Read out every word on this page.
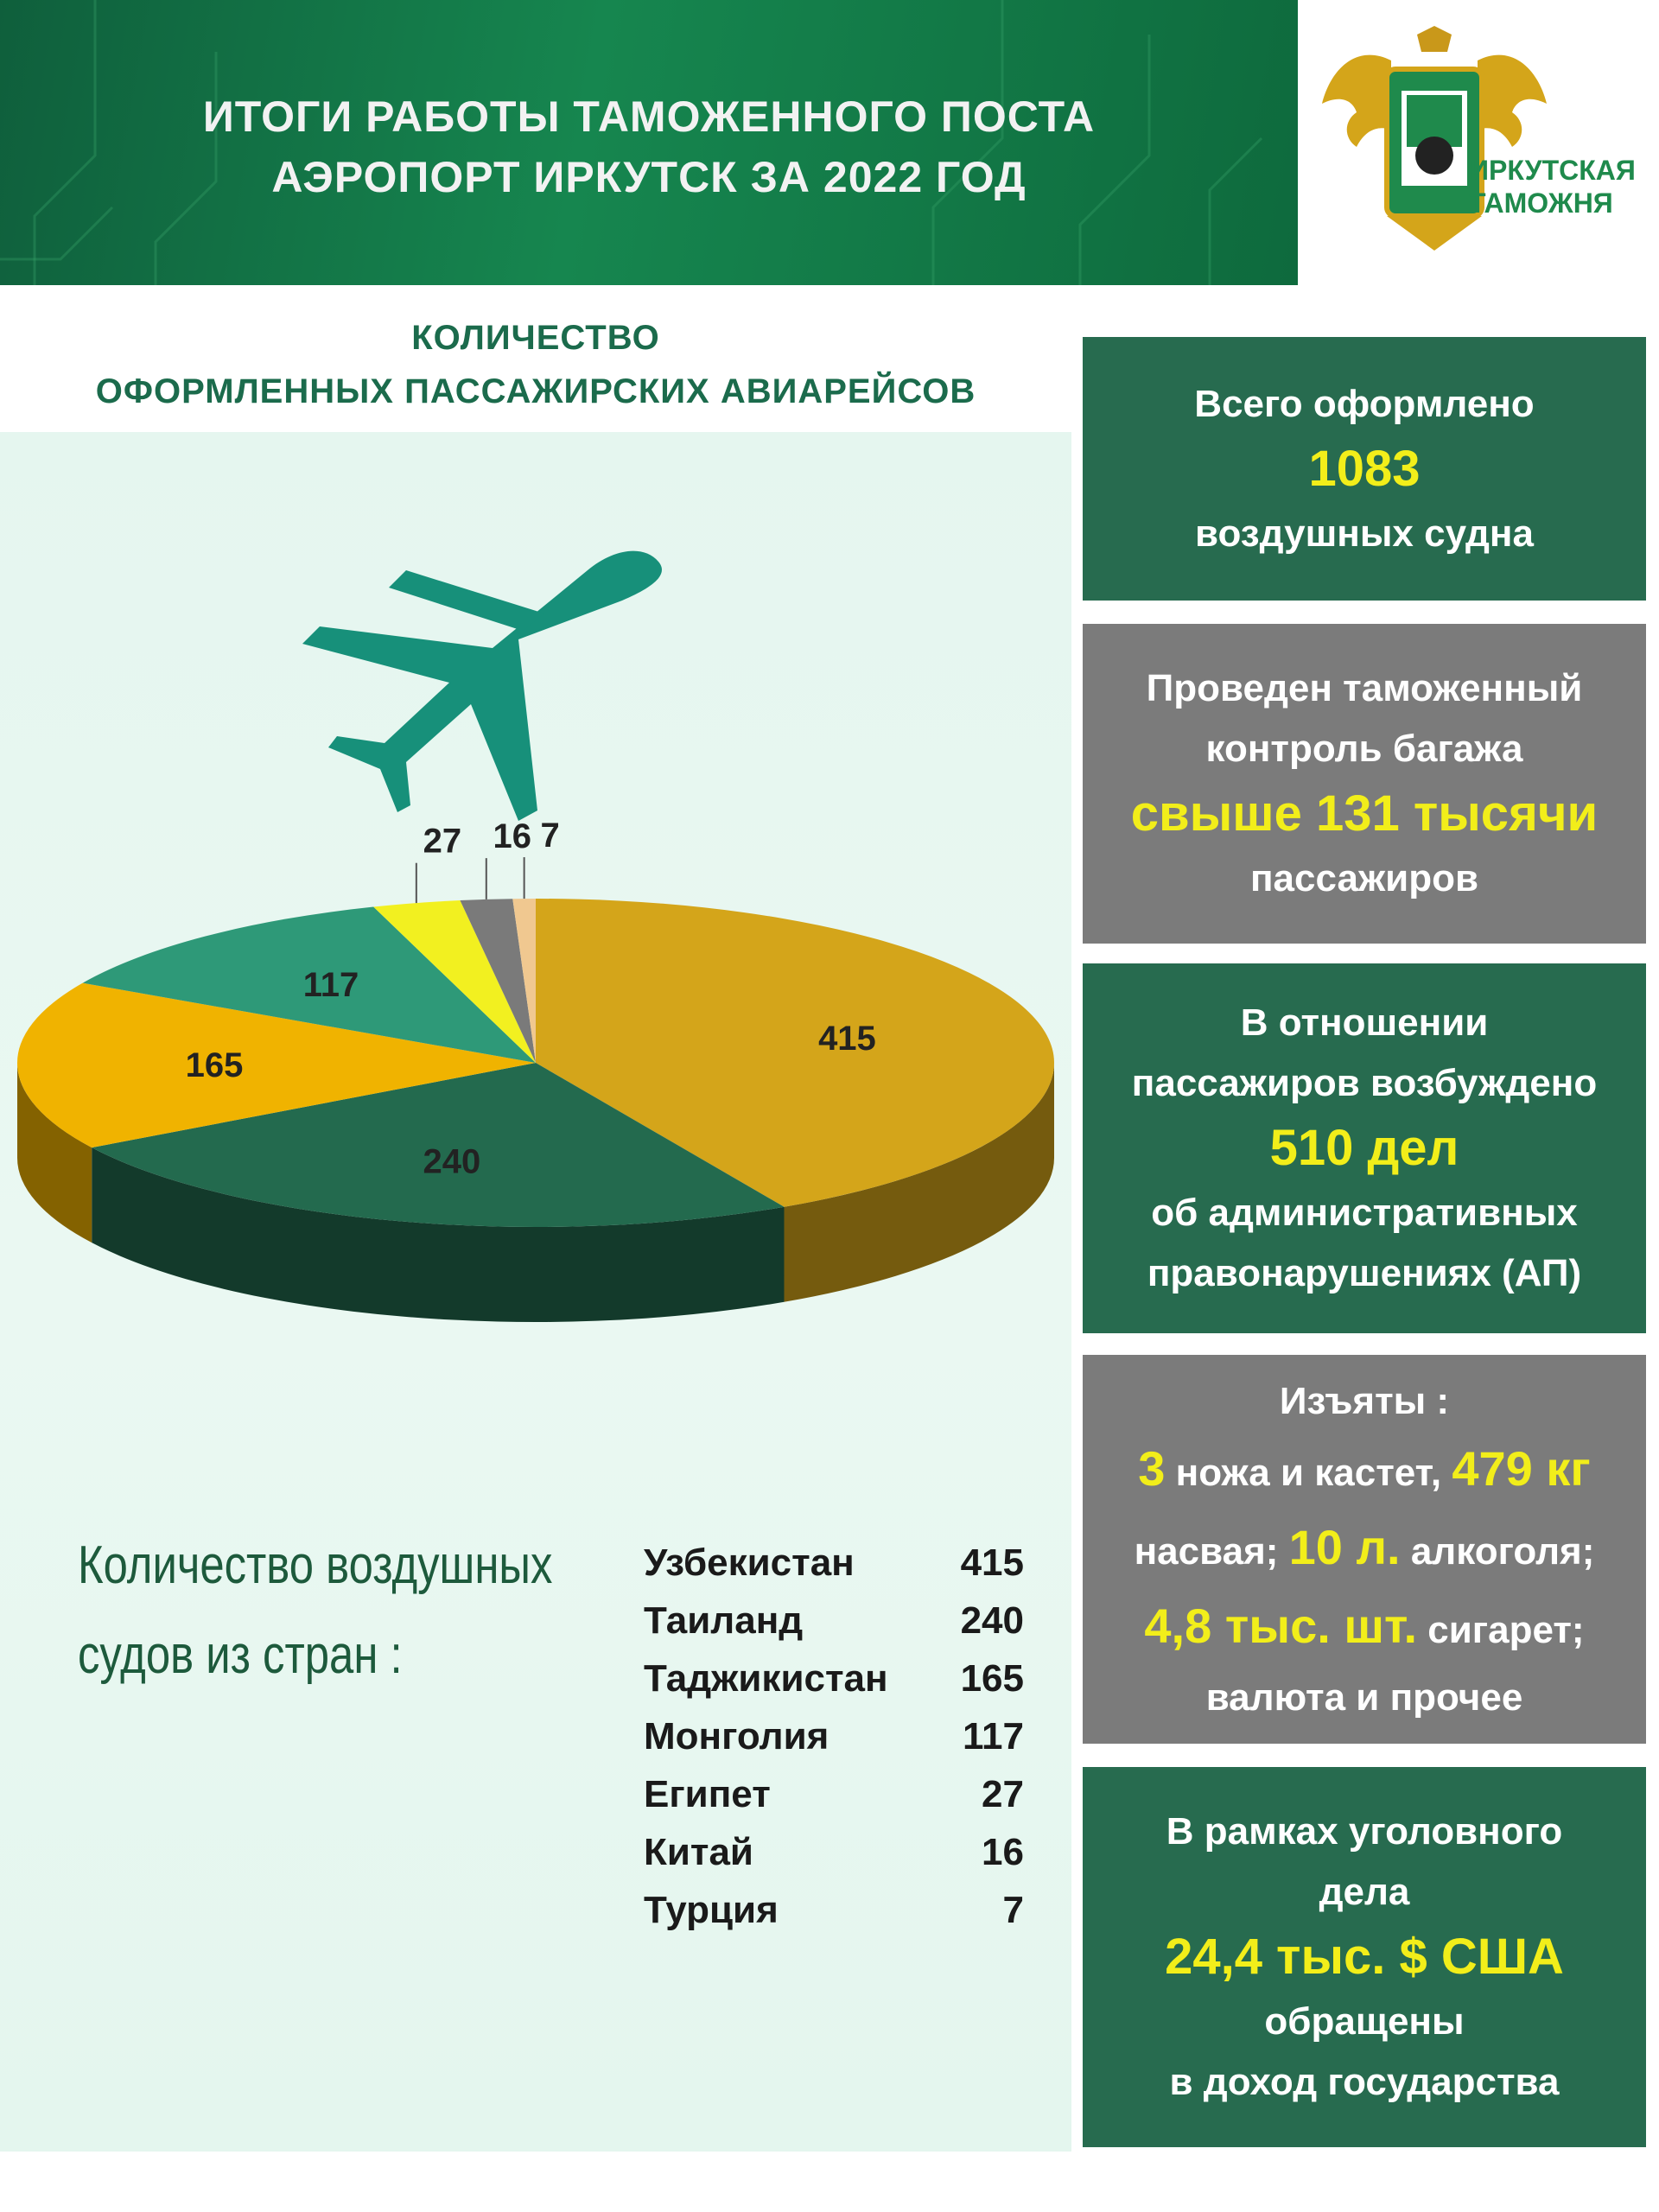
ИТОГИ РАБОТЫ ТАМОЖЕННОГО ПОСТА
АЭРОПОРТ ИРКУТСК ЗА 2022 ГОД	ИРКУТСКАЯ
ТАМОЖНЯ
КОЛИЧЕСТВО
ОФОРМЛЕННЫХ ПАССАЖИРСКИХ АВИАРЕЙСОВ
415
240
165
117
27 16 7
Количество воздушных
судов из стран :
Узбекистан	415
Таиланд	240
Таджикистан 165
Монголия	117
Египет	27
Китай	16
Турция	7
Всего оформлено
1083
воздушных судна
Проведен таможенный
контроль багажа
свыше 131 тысячи
пассажиров
В отношении
пассажиров возбуждено
510 дел
об административных
правонарушениях (АП)
Изъяты :
3 ножа и кастет, 479 кг
насвая; 10 л. алкоголя;
4,8 тыс. шт. сигарет;
валюта и прочее
В рамках уголовного
дела
24,4 тыс. $ США
обращены
в доход государства
